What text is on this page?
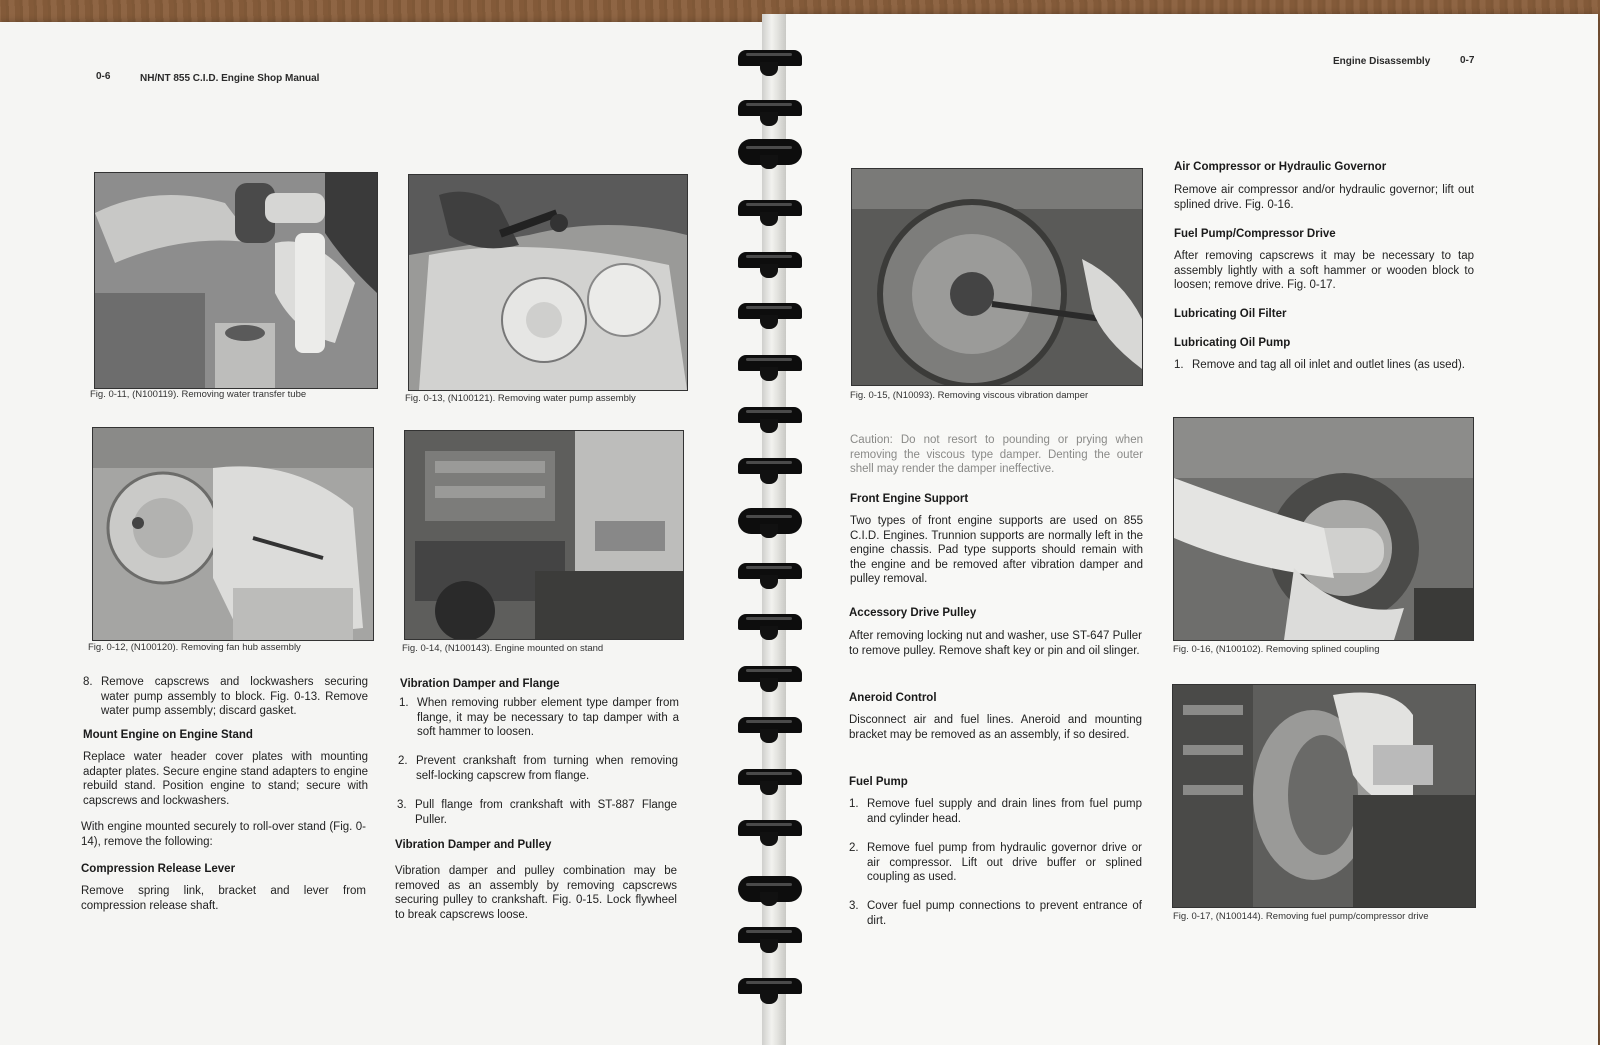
0-6	NH/NT 855 C.I.D. Engine Shop Manual
Fig. 0-11, (N100119). Removing water transfer tube	Fig. 0-13, (N100121). Removing water pump assembly
Fig. 0-12, (N100120). Removing fan hub assembly	Fig. 0-14, (N100143). Engine mounted on stand
8. Remove capscrews and lockwashers securing water pump assembly to block. Fig. 0-13. Remove water pump assembly; discard gasket.
Mount Engine on Engine Stand
Replace water header cover plates with mounting adapter plates. Secure engine stand adapters to engine rebuild stand. Position engine to stand; secure with capscrews and lockwashers.
With engine mounted securely to roll-over stand (Fig. 0-14), remove the following:
Compression Release Lever
Remove spring link, bracket and lever from compression release shaft.
Vibration Damper and Flange
1. When removing rubber element type damper from flange, it may be necessary to tap damper with a soft hammer to loosen.
2. Prevent crankshaft from turning when removing self-locking capscrew from flange.
3. Pull flange from crankshaft with ST-887 Flange Puller.
Vibration Damper and Pulley
Vibration damper and pulley combination may be removed as an assembly by removing capscrews securing pulley to crankshaft. Fig. 0-15. Lock flywheel to break capscrews loose.
Engine Disassembly	0-7
Fig. 0-15, (N10093). Removing viscous vibration damper
Caution: Do not resort to pounding or prying when removing the viscous type damper. Denting the outer shell may render the damper ineffective.
Front Engine Support
Two types of front engine supports are used on 855 C.I.D. Engines. Trunnion supports are normally left in the engine chassis. Pad type supports should remain with the engine and be removed after vibration damper and pulley removal.
Accessory Drive Pulley
After removing locking nut and washer, use ST-647 Puller to remove pulley. Remove shaft key or pin and oil slinger.
Aneroid Control
Disconnect air and fuel lines. Aneroid and mounting bracket may be removed as an assembly, if so desired.
Fuel Pump
1. Remove fuel supply and drain lines from fuel pump and cylinder head.
2. Remove fuel pump from hydraulic governor drive or air compressor. Lift out drive buffer or splined coupling as used.
3. Cover fuel pump connections to prevent entrance of dirt.
Air Compressor or Hydraulic Governor
Remove air compressor and/or hydraulic governor; lift out splined drive. Fig. 0-16.
Fuel Pump/Compressor Drive
After removing capscrews it may be necessary to tap assembly lightly with a soft hammer or wooden block to loosen; remove drive. Fig. 0-17.
Lubricating Oil Filter
Lubricating Oil Pump
1. Remove and tag all oil inlet and outlet lines (as used).
Fig. 0-16, (N100102). Removing splined coupling
Fig. 0-17, (N100144). Removing fuel pump/compressor drive
